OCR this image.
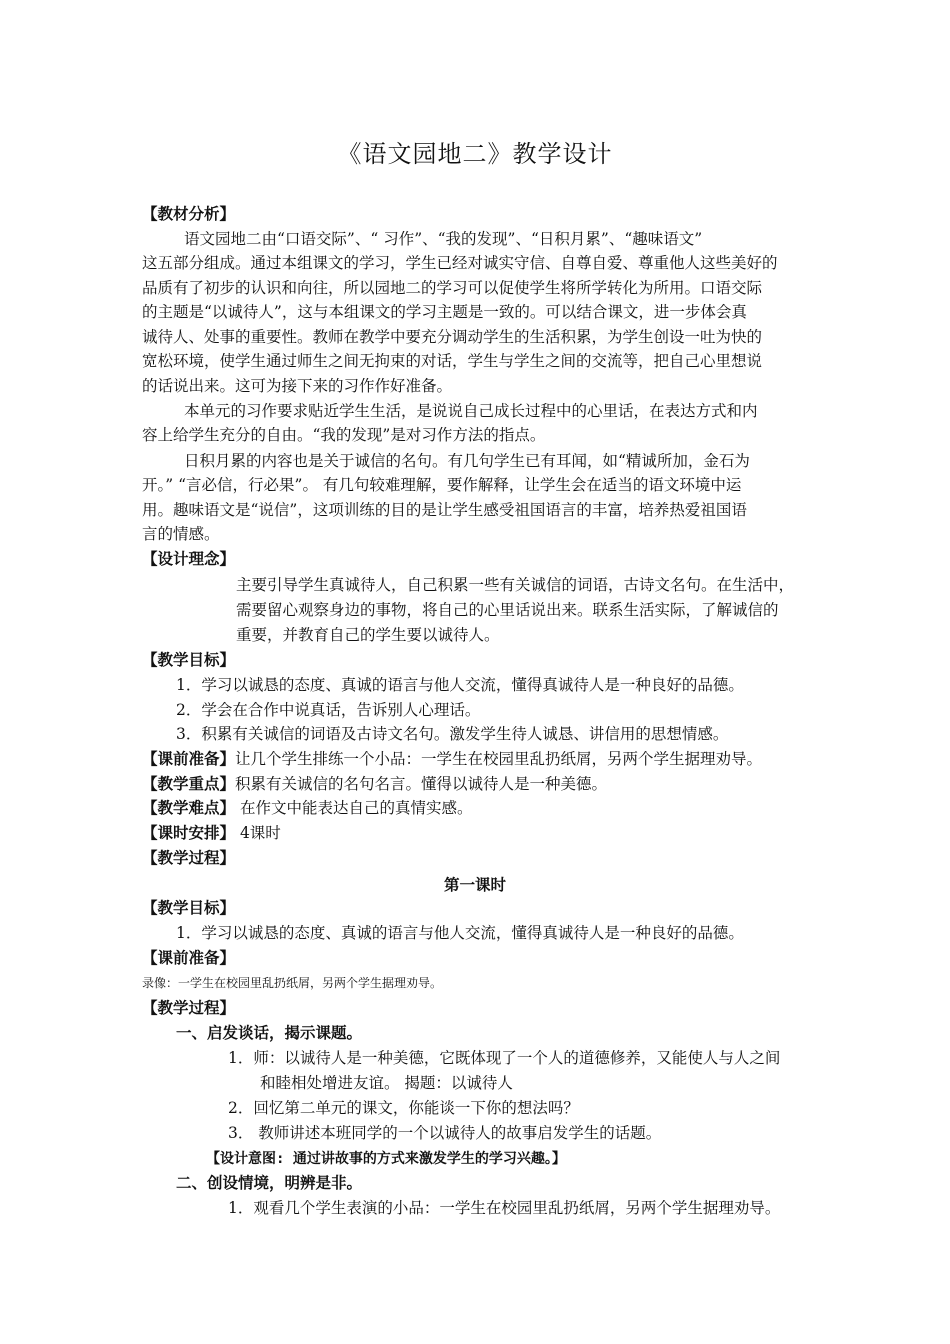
《语文园地二》教学设计
【教材分析】
语文园地二由“口语交际”、“ 习作”、“我的发现”、“日积月累”、“趣味语文”
这五部分组成。通过本组课文的学习，学生已经对诚实守信、自尊自爱、尊重他人这些美好的
品质有了初步的认识和向往，所以园地二的学习可以促使学生将所学转化为所用。口语交际
的主题是“以诚待人”，这与本组课文的学习主题是一致的。可以结合课文，进一步体会真
诚待人、处事的重要性。教师在教学中要充分调动学生的生活积累，为学生创设一吐为快的
宽松环境，使学生通过师生之间无拘束的对话，学生与学生之间的交流等，把自己心里想说
的话说出来。这可为接下来的习作作好准备。
本单元的习作要求贴近学生生活，是说说自己成长过程中的心里话，在表达方式和内
容上给学生充分的自由。“我的发现”是对习作方法的指点。
日积月累的内容也是关于诚信的名句。有几句学生已有耳闻，如“精诚所加，金石为
开。” “言必信，行必果”。 有几句较难理解，要作解释，让学生会在适当的语文环境中运
用。趣味语文是“说信”，这项训练的目的是让学生感受祖国语言的丰富，培养热爱祖国语
言的情感。
【设计理念】
主要引导学生真诚待人，自己积累一些有关诚信的词语，古诗文名句。在生活中，
需要留心观察身边的事物，将自己的心里话说出来。联系生活实际，了解诚信的
重要，并教育自己的学生要以诚待人。
【教学目标】
1．学习以诚恳的态度、真诚的语言与他人交流，懂得真诚待人是一种良好的品德。
2．学会在合作中说真话，告诉别人心理话。
3．积累有关诚信的词语及古诗文名句。激发学生待人诚恳、讲信用的思想情感。
【课前准备】让几个学生排练一个小品：一学生在校园里乱扔纸屑，另两个学生据理劝导。
【教学重点】积累有关诚信的名句名言。懂得以诚待人是一种美德。
【教学难点】 在作文中能表达自己的真情实感。
【课时安排】 4课时
【教学过程】
第一课时
【教学目标】
1．学习以诚恳的态度、真诚的语言与他人交流，懂得真诚待人是一种良好的品德。
【课前准备】
录像：一学生在校园里乱扔纸屑，另两个学生据理劝导。
【教学过程】
一、启发谈话，揭示课题。
1．师：以诚待人是一种美德，它既体现了一个人的道德修养，又能使人与人之间
和睦相处增进友谊。 揭题：以诚待人
2．回忆第二单元的课文，你能谈一下你的想法吗？
3． 教师讲述本班同学的一个以诚待人的故事启发学生的话题。
【设计意图: 通过讲故事的方式来激发学生的学习兴趣。】
二、创设情境，明辨是非。
1．观看几个学生表演的小品：一学生在校园里乱扔纸屑，另两个学生据理劝导。
